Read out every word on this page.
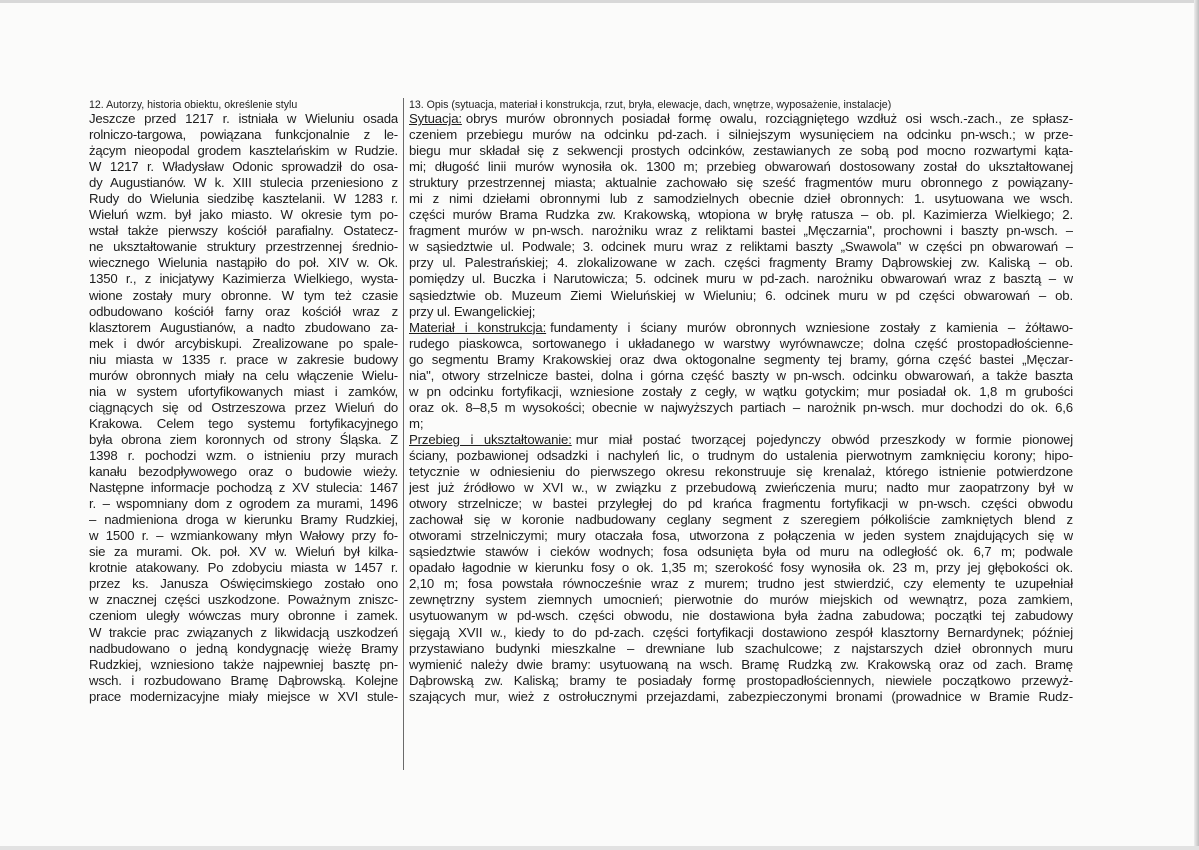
12. Autorzy, historia obiektu, określenie stylu
Jeszcze przed 1217 r. istniała w Wieluniu osada
rolniczo-targowa, powiązana funkcjonalnie z le-
żącym nieopodal grodem kasztelańskim w Rudzie.
W 1217 r. Władysław Odonic sprowadził do osa-
dy Augustianów. W k. XIII stulecia przeniesiono z
Rudy do Wielunia siedzibę kasztelanii. W 1283 r.
Wieluń wzm. był jako miasto. W okresie tym po-
wstał także pierwszy kościół parafialny. Ostatecz-
ne ukształtowanie struktury przestrzennej średnio-
wiecznego Wielunia nastąpiło do poł. XIV w. Ok.
1350 r., z inicjatywy Kazimierza Wielkiego, wysta-
wione zostały mury obronne. W tym też czasie
odbudowano kościół farny oraz kościół wraz z
klasztorem Augustianów, a nadto zbudowano za-
mek i dwór arcybiskupi. Zrealizowane po spale-
niu miasta w 1335 r. prace w zakresie budowy
murów obronnych miały na celu włączenie Wielu-
nia w system ufortyfikowanych miast i zamków,
ciągnących się od Ostrzeszowa przez Wieluń do
Krakowa. Celem tego systemu fortyfikacyjnego
była obrona ziem koronnych od strony Śląska. Z
1398 r. pochodzi wzm. o istnieniu przy murach
kanału bezodpływowego oraz o budowie wieży.
Następne informacje pochodzą z XV stulecia: 1467
r. – wspomniany dom z ogrodem za murami, 1496
– nadmieniona droga w kierunku Bramy Rudzkiej,
w 1500 r. – wzmiankowany młyn Wałowy przy fo-
sie za murami. Ok. poł. XV w. Wieluń był kilka-
krotnie atakowany. Po zdobyciu miasta w 1457 r.
przez ks. Janusza Oświęcimskiego zostało ono
w znacznej części uszkodzone. Poważnym zniszc-
czeniom uległy wówczas mury obronne i zamek.
W trakcie prac związanych z likwidacją uszkodzeń
nadbudowano o jedną kondygnację wieżę Bramy
Rudzkiej, wzniesiono także najpewniej basztę pn-
wsch. i rozbudowano Bramę Dąbrowską. Kolejne
prace modernizacyjne miały miejsce w XVI stule-
13. Opis (sytuacja, materiał i konstrukcja, rzut, bryła, elewacje, dach, wnętrze, wyposażenie, instalacje)
Sytuacja: obrys murów obronnych posiadał formę owalu, rozciągniętego wzdłuż osi wsch.-zach., ze spłasz-
czeniem przebiegu murów na odcinku pd-zach. i silniejszym wysunięciem na odcinku pn-wsch.; w prze-
biegu mur składał się z sekwencji prostych odcinków, zestawianych ze sobą pod mocno rozwartymi kąta-
mi; długość linii murów wynosiła ok. 1300 m; przebieg obwarowań dostosowany został do ukształtowanej
struktury przestrzennej miasta; aktualnie zachowało się sześć fragmentów muru obronnego z powiązany-
mi z nimi dziełami obronnymi lub z samodzielnych obecnie dzieł obronnych: 1. usytuowana we wsch.
części murów Brama Rudzka zw. Krakowską, wtopiona w bryłę ratusza – ob. pl. Kazimierza Wielkiego; 2.
fragment murów w pn-wsch. narożniku wraz z reliktami bastei „Męczarnia", prochowni i baszty pn-wsch. –
w sąsiedztwie ul. Podwale; 3. odcinek muru wraz z reliktami baszty „Swawola" w części pn obwarowań –
przy ul. Palestrańskiej; 4. zlokalizowane w zach. części fragmenty Bramy Dąbrowskiej zw. Kaliską – ob.
pomiędzy ul. Buczka i Narutowicza; 5. odcinek muru w pd-zach. narożniku obwarowań wraz z basztą – w
sąsiedztwie ob. Muzeum Ziemi Wieluńskiej w Wieluniu; 6. odcinek muru w pd części obwarowań – ob.
przy ul. Ewangelickiej;
Materiał i konstrukcja: fundamenty i ściany murów obronnych wzniesione zostały z kamienia – żółtawo-
rudego piaskowca, sortowanego i układanego w warstwy wyrównawcze; dolna część prostopadłościenne-
go segmentu Bramy Krakowskiej oraz dwa oktogonalne segmenty tej bramy, górna część bastei „Męczar-
nia", otwory strzelnicze bastei, dolna i górna część baszty w pn-wsch. odcinku obwarowań, a także baszta
w pn odcinku fortyfikacji, wzniesione zostały z cegły, w wątku gotyckim; mur posiadał ok. 1,8 m grubości
oraz ok. 8–8,5 m wysokości; obecnie w najwyższych partiach – narożnik pn-wsch. mur dochodzi do ok. 6,6
m;
Przebieg i ukształtowanie: mur miał postać tworzącej pojedynczy obwód przeszkody w formie pionowej
ściany, pozbawionej odsadzki i nachyleń lic, o trudnym do ustalenia pierwotnym zamknięciu korony; hipo-
tetycznie w odniesieniu do pierwszego okresu rekonstruuje się krenalaż, którego istnienie potwierdzone
jest już źródłowo w XVI w., w związku z przebudową zwieńczenia muru; nadto mur zaopatrzony był w
otwory strzelnicze; w bastei przyległej do pd krańca fragmentu fortyfikacji w pn-wsch. części obwodu
zachował się w koronie nadbudowany ceglany segment z szeregiem półkoliście zamkniętych blend z
otworami strzelniczymi; mury otaczała fosa, utworzona z połączenia w jeden system znajdujących się w
sąsiedztwie stawów i cieków wodnych; fosa odsunięta była od muru na odległość ok. 6,7 m; podwale
opadało łagodnie w kierunku fosy o ok. 1,35 m; szerokość fosy wynosiła ok. 23 m, przy jej głębokości ok.
2,10 m; fosa powstała równocześnie wraz z murem; trudno jest stwierdzić, czy elementy te uzupełniał
zewnętrzny system ziemnych umocnień; pierwotnie do murów miejskich od wewnątrz, poza zamkiem,
usytuowanym w pd-wsch. części obwodu, nie dostawiona była żadna zabudowa; początki tej zabudowy
sięgają XVII w., kiedy to do pd-zach. części fortyfikacji dostawiono zespół klasztorny Bernardynek; później
przystawiano budynki mieszkalne – drewniane lub szachulcowe; z najstarszych dzieł obronnych muru
wymienić należy dwie bramy: usytuowaną na wsch. Bramę Rudzką zw. Krakowską oraz od zach. Bramę
Dąbrowską zw. Kaliską; bramy te posiadały formę prostopadłościennych, niewiele początkowo przewyż-
szających mur, wież z ostrołucznymi przejazdami, zabezpieczonymi bronami (prowadnice w Bramie Rudz-
